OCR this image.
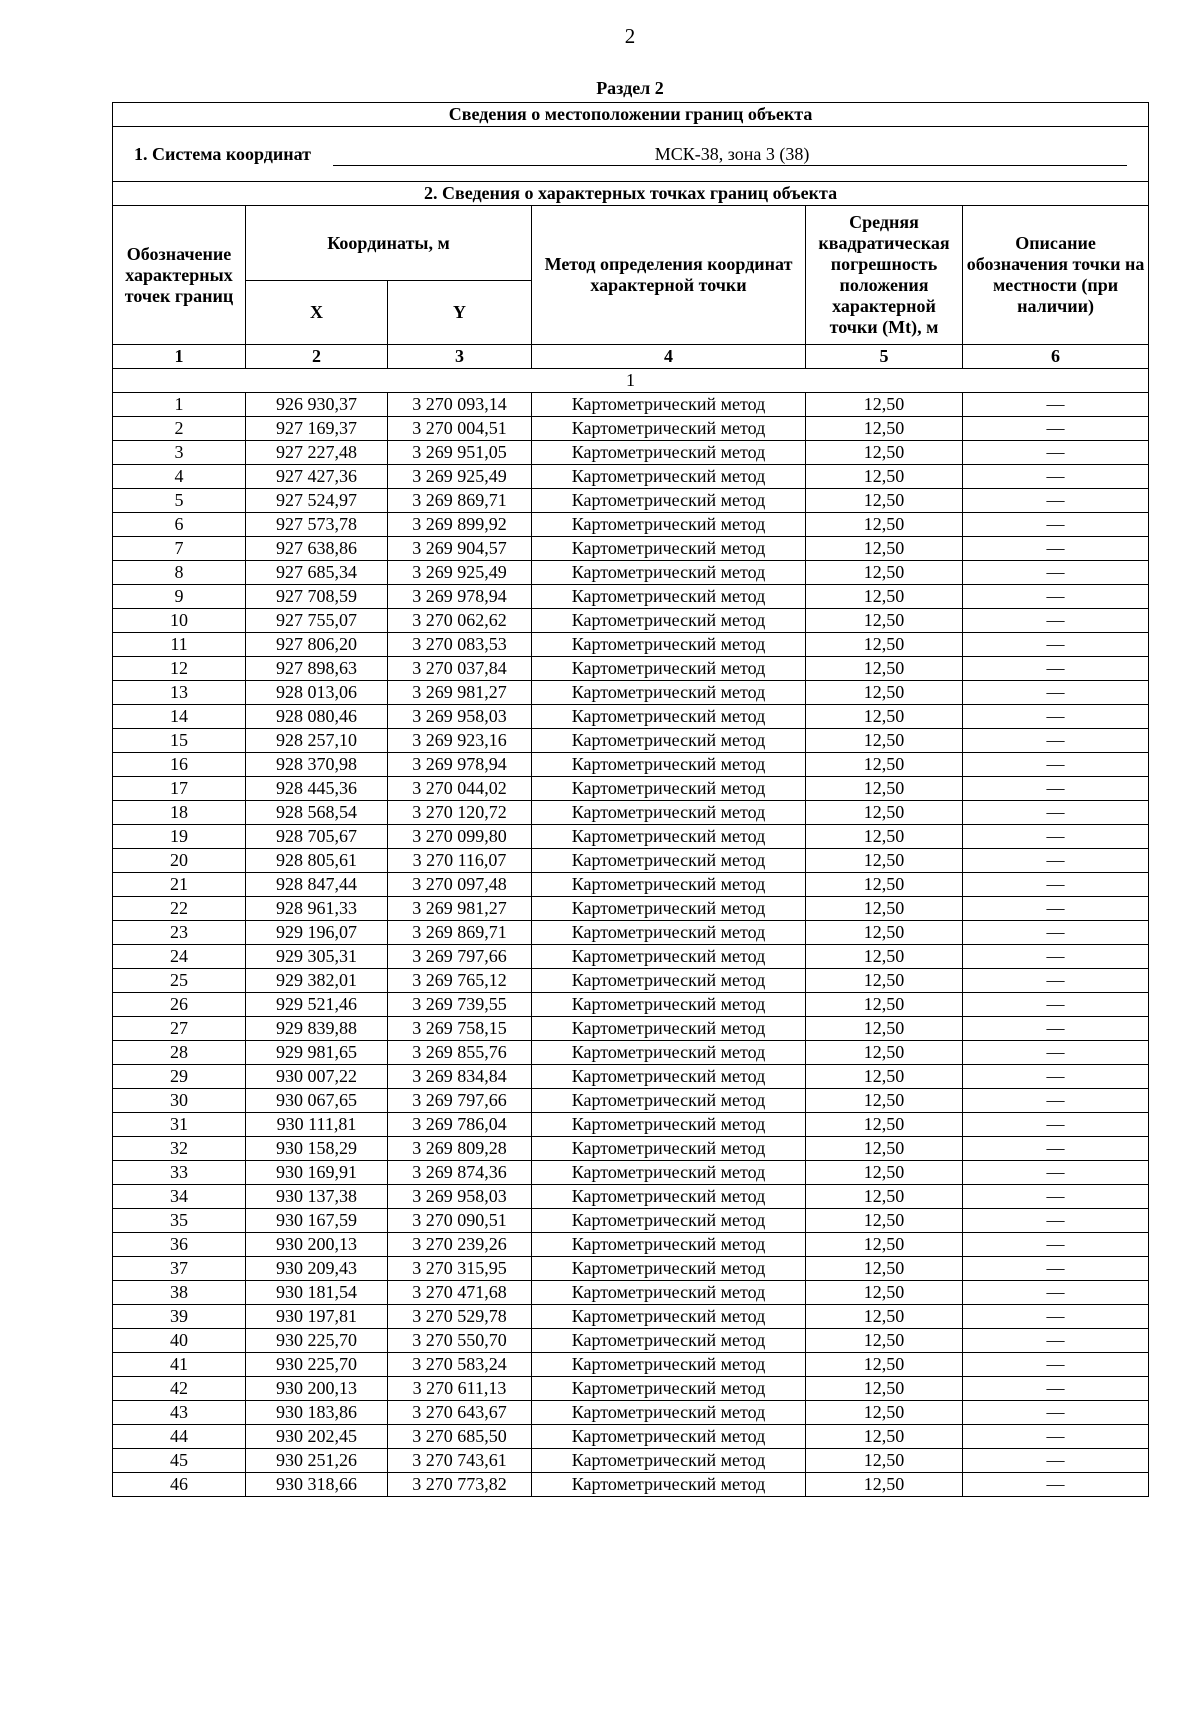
2
Раздел 2
Сведения о местоположении границ объекта					
1. Система координат МСК-38, зона 3 (38)					
2. Сведения о характерных точках границ объекта					
Обозначение характерных точек границ	Координаты, м		Метод определения координат характерной точки	Средняя квадратическая погрешность положения характерной точки (Mt), м	Описание обозначения точки на местности (при наличии)
	X	Y			
1	2	3	4	5	6
1					
1	926 930,37	3 270 093,14	Картометрический метод	12,50	—
2	927 169,37	3 270 004,51	Картометрический метод	12,50	—
3	927 227,48	3 269 951,05	Картометрический метод	12,50	—
4	927 427,36	3 269 925,49	Картометрический метод	12,50	—
5	927 524,97	3 269 869,71	Картометрический метод	12,50	—
6	927 573,78	3 269 899,92	Картометрический метод	12,50	—
7	927 638,86	3 269 904,57	Картометрический метод	12,50	—
8	927 685,34	3 269 925,49	Картометрический метод	12,50	—
9	927 708,59	3 269 978,94	Картометрический метод	12,50	—
10	927 755,07	3 270 062,62	Картометрический метод	12,50	—
11	927 806,20	3 270 083,53	Картометрический метод	12,50	—
12	927 898,63	3 270 037,84	Картометрический метод	12,50	—
13	928 013,06	3 269 981,27	Картометрический метод	12,50	—
14	928 080,46	3 269 958,03	Картометрический метод	12,50	—
15	928 257,10	3 269 923,16	Картометрический метод	12,50	—
16	928 370,98	3 269 978,94	Картометрический метод	12,50	—
17	928 445,36	3 270 044,02	Картометрический метод	12,50	—
18	928 568,54	3 270 120,72	Картометрический метод	12,50	—
19	928 705,67	3 270 099,80	Картометрический метод	12,50	—
20	928 805,61	3 270 116,07	Картометрический метод	12,50	—
21	928 847,44	3 270 097,48	Картометрический метод	12,50	—
22	928 961,33	3 269 981,27	Картометрический метод	12,50	—
23	929 196,07	3 269 869,71	Картометрический метод	12,50	—
24	929 305,31	3 269 797,66	Картометрический метод	12,50	—
25	929 382,01	3 269 765,12	Картометрический метод	12,50	—
26	929 521,46	3 269 739,55	Картометрический метод	12,50	—
27	929 839,88	3 269 758,15	Картометрический метод	12,50	—
28	929 981,65	3 269 855,76	Картометрический метод	12,50	—
29	930 007,22	3 269 834,84	Картометрический метод	12,50	—
30	930 067,65	3 269 797,66	Картометрический метод	12,50	—
31	930 111,81	3 269 786,04	Картометрический метод	12,50	—
32	930 158,29	3 269 809,28	Картометрический метод	12,50	—
33	930 169,91	3 269 874,36	Картометрический метод	12,50	—
34	930 137,38	3 269 958,03	Картометрический метод	12,50	—
35	930 167,59	3 270 090,51	Картометрический метод	12,50	—
36	930 200,13	3 270 239,26	Картометрический метод	12,50	—
37	930 209,43	3 270 315,95	Картометрический метод	12,50	—
38	930 181,54	3 270 471,68	Картометрический метод	12,50	—
39	930 197,81	3 270 529,78	Картометрический метод	12,50	—
40	930 225,70	3 270 550,70	Картометрический метод	12,50	—
41	930 225,70	3 270 583,24	Картометрический метод	12,50	—
42	930 200,13	3 270 611,13	Картометрический метод	12,50	—
43	930 183,86	3 270 643,67	Картометрический метод	12,50	—
44	930 202,45	3 270 685,50	Картометрический метод	12,50	—
45	930 251,26	3 270 743,61	Картометрический метод	12,50	—
46	930 318,66	3 270 773,82	Картометрический метод	12,50	—
